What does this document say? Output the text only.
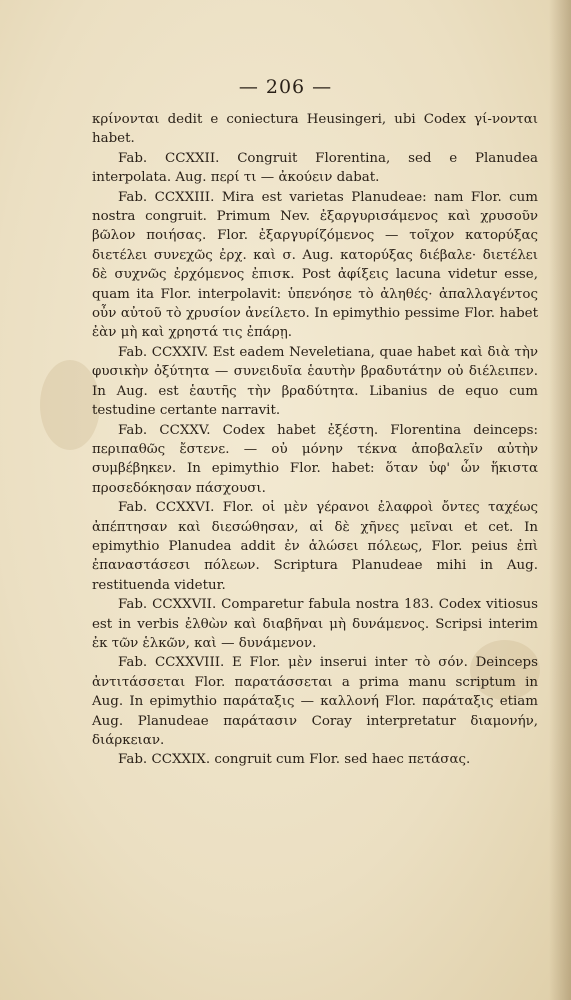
— 206 —

κρίνονται dedit e coniectura Heusingeri, ubi Codex γί-νονται habet.

Fab. CCXXII. Congruit Florentina, sed e Planudea interpolata. Aug. περί τι — ἀκούειν dabat.

Fab. CCXXIII. Mira est varietas Planudeae: nam Flor. cum nostra congruit. Primum Nev. ἐξαργυρισάμενος καὶ χρυσοῦν βῶλον ποιήσας. Flor. ἐξαργυρίζόμενος — τοῖχον κατορύξας διετέλει συνεχῶς ἐρχ. καὶ σ. Aug. κατορύξας διέβαλε· διετέλει δὲ συχνῶς ἐρχόμενος ἐπισκ. Post ἀφίξεις lacuna videtur esse, quam ita Flor. interpolavit: ὑπενόησε τὸ ἀληθές· ἀπαλλαγέντος οὖν αὐτοῦ τὸ χρυσίον ἀνείλετο. In epimythio pessime Flor. habet ἐὰν μὴ καὶ χρηστά τις ἐπάρῃ.

Fab. CCXXIV. Est eadem Neveletiana, quae habet καὶ διὰ τὴν φυσικὴν ὀξύτητα — συνειδυῖα ἑαυτὴν βραδυτάτην οὐ διέλειπεν. In Aug. est ἑαυτῆς τὴν βραδύτητα. Libanius de equo cum testudine certante narravit.

Fab. CCXXV. Codex habet ἐξέστη. Florentina deinceps: περιπαθῶς ἔστενε. — οὐ μόνην τέκνα ἀποβαλεῖν αὐτὴν συμβέβηκεν. In epimythio Flor. habet: ὅταν ὑφ' ὧν ἥκιστα προσεδόκησαν πάσχουσι.

Fab. CCXXVI. Flor. οἱ μὲν γέρανοι ἐλαφροὶ ὄντες ταχέως ἀπέπτησαν καὶ διεσώθησαν, αἱ δὲ χῆνες μεῖναι et cet. In epimythio Planudea addit ἐν ἁλώσει πόλεως, Flor. peius ἐπὶ ἐπαναστάσεσι πόλεων. Scriptura Planudeae mihi in Aug. restituenda videtur.

Fab. CCXXVII. Comparetur fabula nostra 183. Codex vitiosus est in verbis ἐλθὼν καὶ διαβῆναι μὴ δυνάμενος. Scripsi interim ἐκ τῶν ἑλκῶν, καὶ — δυνάμενον.

Fab. CCXXVIII. E Flor. μὲν inserui inter τὸ σόν. Deinceps ἀντιτάσσεται Flor. παρατάσσεται a prima manu scriptum in Aug. In epimythio παράταξις — καλλονή Flor. παράταξις etiam Aug. Planudeae παράτασιν Coray interpretatur διαμονήν, διάρκειαν.

Fab. CCXXIX. congruit cum Flor. sed haec πετάσας.
